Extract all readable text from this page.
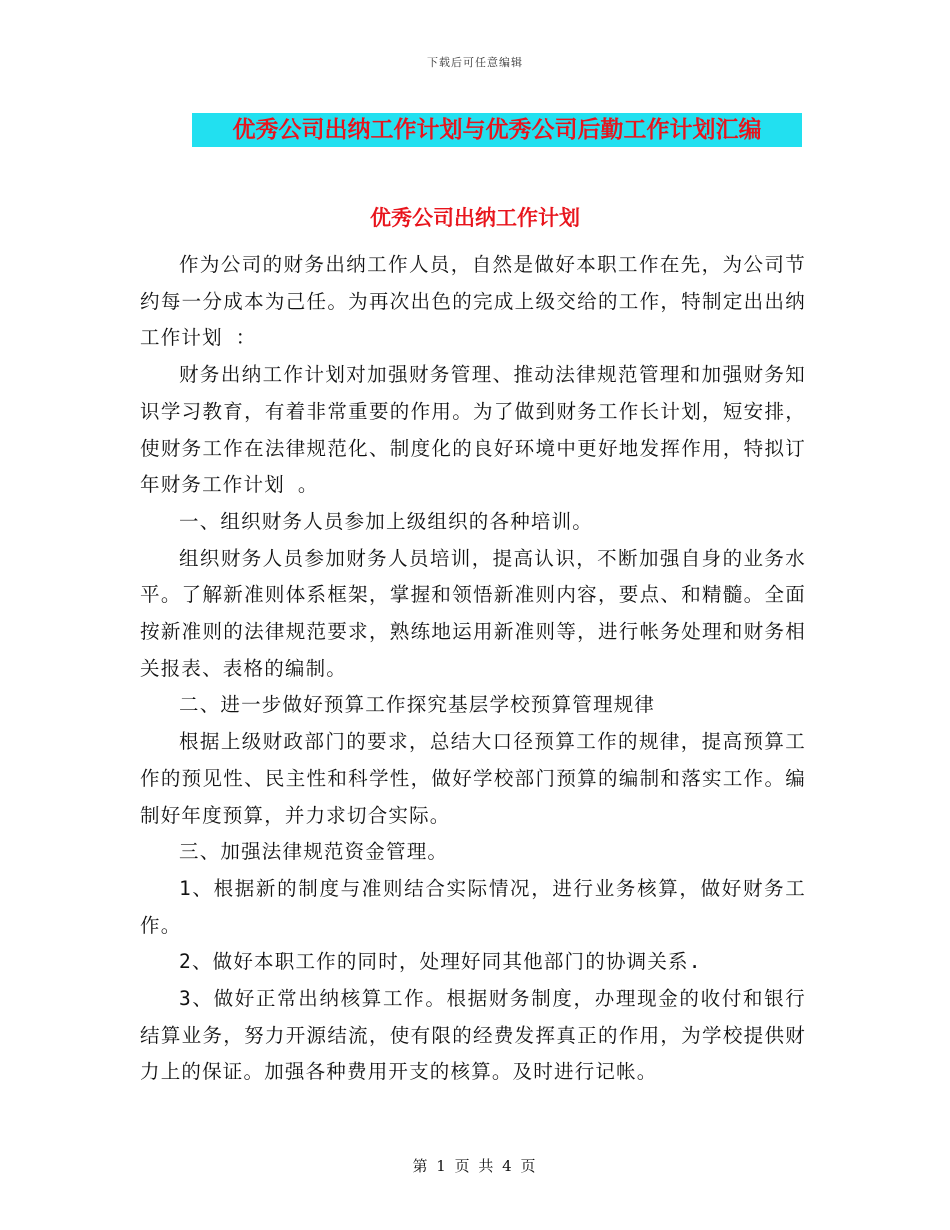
下载后可任意编辑
优秀公司出纳工作计划与优秀公司后勤工作计划汇编
优秀公司出纳工作计划

作为公司的财务出纳工作人员，自然是做好本职工作在先，为公司节约每一分成本为己任。为再次出色的完成上级交给的工作，特制定出出纳工作计划 ：

财务出纳工作计划对加强财务管理、推动法律规范管理和加强财务知识学习教育，有着非常重要的作用。为了做到财务工作长计划，短安排，使财务工作在法律规范化、制度化的良好环境中更好地发挥作用，特拟订年财务工作计划 。

一、组织财务人员参加上级组织的各种培训。

组织财务人员参加财务人员培训，提高认识，不断加强自身的业务水平。了解新准则体系框架，掌握和领悟新准则内容，要点、和精髓。全面按新准则的法律规范要求，熟练地运用新准则等，进行帐务处理和财务相关报表、表格的编制。

二、进一步做好预算工作探究基层学校预算管理规律

根据上级财政部门的要求，总结大口径预算工作的规律，提高预算工作的预见性、民主性和科学性，做好学校部门预算的编制和落实工作。编制好年度预算，并力求切合实际。

三、加强法律规范资金管理。

1、根据新的制度与准则结合实际情况，进行业务核算，做好财务工作。

2、做好本职工作的同时，处理好同其他部门的协调关系.

3、做好正常出纳核算工作。根据财务制度，办理现金的收付和银行结算业务，努力开源结流，使有限的经费发挥真正的作用，为学校提供财力上的保证。加强各种费用开支的核算。及时进行记帐。

第 1 页 共 4 页
